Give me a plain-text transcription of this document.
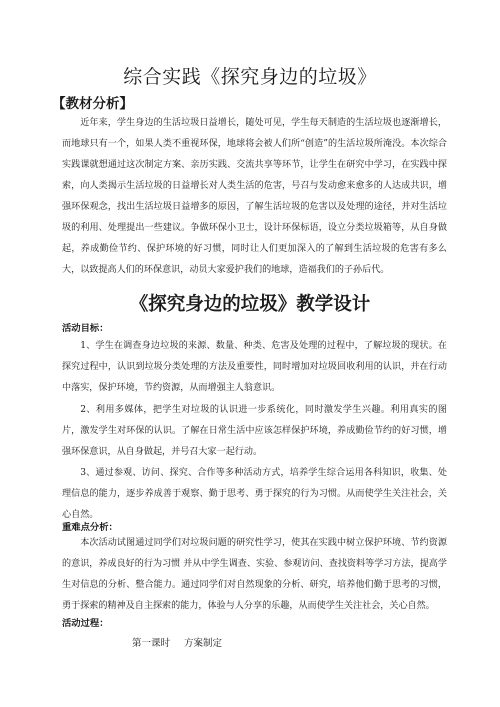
综合实践《探究身边的垃圾》
【教材分析】

近年来，学生身边的生活垃圾日益增长，随处可见，学生每天制造的生活垃圾也逐渐增长，而地球只有一个，如果人类不重视环保，地球将会被人们所“创造”的生活垃圾所淹没。本次综合实践课就想通过这次制定方案、亲历实践、交流共享等环节，让学生在研究中学习，在实践中探索，向人类揭示生活垃圾的日益增长对人类生活的危害，号召与发动愈来愈多的人达成共识，增强环保观念，找出生活垃圾日益增多的原因，了解生活垃圾的危害以及处理的途径，并对生活垃圾的利用、处理提出一些建议。争做环保小卫士，设计环保标语，设立分类垃圾箱等，从自身做起，养成勤俭节约、保护环境的好习惯，同时让人们更加深入的了解到生活垃圾的危害有多么大，以致提高人们的环保意识，动员大家爱护我们的地球，造福我们的子孙后代。

《探究身边的垃圾》教学设计
活动目标：

1、学生在调查身边垃圾的来源、数量、种类、危害及处理的过程中，了解垃圾的现状。在探究过程中，认识到垃圾分类处理的方法及重要性，同时增加对垃圾回收利用的认识，并在行动中落实，保护环境，节约资源，从而增强主人翁意识。

2、利用多媒体，把学生对垃圾的认识进一步系统化，同时激发学生兴趣。利用真实的图片，激发学生对环保的认识。了解在日常生活中应该怎样保护环境，养成勤俭节约的好习惯，增强环保意识，从自身做起，并号召大家一起行动。

3、通过参观、访问、探究、合作等多种活动方式，培养学生综合运用各科知识，收集、处理信息的能力，逐步养成善于观察、勤于思考、勇于探究的行为习惯。从而使学生关注社会，关心自然。

重难点分析：

本次活动试图通过同学们对垃圾问题的研究性学习，使其在实践中树立保护环境、节约资源的意识，养成良好的行为习惯 并从中学生调查、实验、参观访问、查找资料等学习方法，提高学生对信息的分析、整合能力。通过同学们对自然现象的分析、研究，培养他们勤于思考的习惯，勇于探索的精神及自主探索的能力，体验与人分享的乐趣，从而使学生关注社会，关心自然。

活动过程：
第一课时 方案制定
